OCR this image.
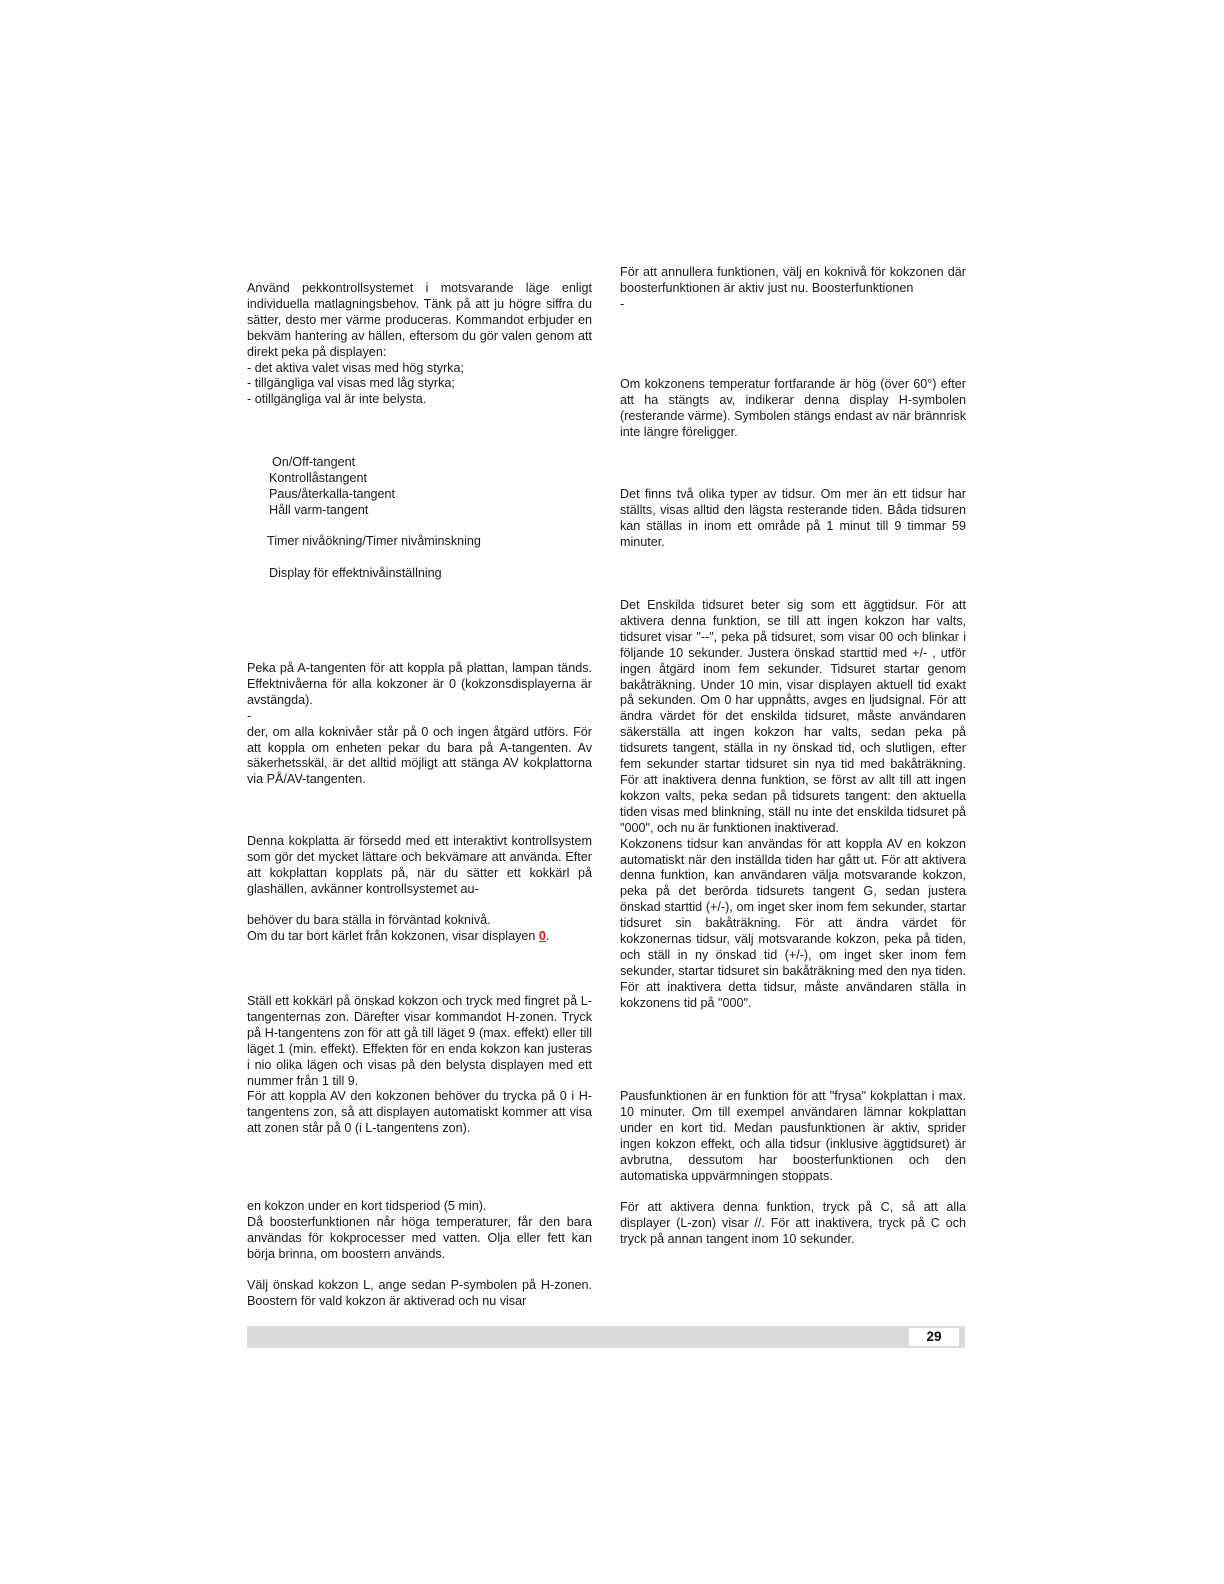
Använd pekkontrollsystemet i motsvarande läge enligt individuella matlagningsbehov. Tänk på att ju högre siffra du sätter, desto mer värme produceras. Kommandot erbjuder en bekväm hantering av hällen, eftersom du gör valen genom att direkt peka på displayen:

- det aktiva valet visas med hög styrka;
- tillgängliga val visas med låg styrka;
- otillgängliga val är inte belysta.
On/Off-tangent
Kontrollåstangent
Paus/återkalla-tangent
Håll varm-tangent
Timer nivåökning/Timer nivåminskning
Display för effektnivåinställning

Peka på A-tangenten för att koppla på plattan, lampan tänds. Effektnivåerna för alla kokzoner är 0 (kokzonsdisplayerna är avstängda).

-

der, om alla koknivåer står på 0 och ingen åtgärd utförs. För att koppla om enheten pekar du bara på A-tangenten. Av säkerhetsskäl, är det alltid möjligt att stänga AV kokplattorna via PÅ/AV-tangenten.

Denna kokplatta är försedd med ett interaktivt kontrollsystem som gör det mycket lättare och bekvämare att använda. Efter att kokplattan kopplats på, när du sätter ett kokkärl på glashällen, avkänner kontrollsystemet au-

behöver du bara ställa in förväntad koknivå.

Om du tar bort kärlet från kokzonen, visar displayen 0.

Ställ ett kokkärl på önskad kokzon och tryck med fingret på L-tangenternas zon. Därefter visar kommandot H-zonen. Tryck på H-tangentens zon för att gå till läget 9 (max. effekt) eller till läget 1 (min. effekt). Effekten för en enda kokzon kan justeras i nio olika lägen och visas på den belysta displayen med ett nummer från 1 till 9.

För att koppla AV den kokzonen behöver du trycka på 0 i H-tangentens zon, så att displayen automatiskt kommer att visa att zonen står på 0 (i L-tangentens zon).

en kokzon under en kort tidsperiod (5 min).

Då boosterfunktionen når höga temperaturer, får den bara användas för kokprocesser med vatten. Olja eller fett kan börja brinna, om boostern används.

Välj önskad kokzon L, ange sedan P-symbolen på H-zonen. Boostern för vald kokzon är aktiverad och nu visar

För att annullera funktionen, välj en koknivå för kokzonen där boosterfunktionen är aktiv just nu. Boosterfunktionen

-

Om kokzonens temperatur fortfarande är hög (över 60°) efter att ha stängts av, indikerar denna display H-symbolen (resterande värme). Symbolen stängs endast av när brännrisk inte längre föreligger.

Det finns två olika typer av tidsur. Om mer än ett tidsur har ställts, visas alltid den lägsta resterande tiden. Båda tidsuren kan ställas in inom ett område på 1 minut till 9 timmar 59 minuter.

Det Enskilda tidsuret beter sig som ett äggtidsur. För att aktivera denna funktion, se till att ingen kokzon har valts, tidsuret visar "--", peka på tidsuret, som visar 00 och blinkar i följande 10 sekunder. Justera önskad starttid med +/- , utför ingen åtgärd inom fem sekunder. Tidsuret startar genom bakåträkning. Under 10 min, visar displayen aktuell tid exakt på sekunden. Om 0 har uppnåtts, avges en ljudsignal. För att ändra värdet för det enskilda tidsuret, måste användaren säkerställa att ingen kokzon har valts, sedan peka på tidsurets tangent, ställa in ny önskad tid, och slutligen, efter fem sekunder startar tidsuret sin nya tid med bakåträkning. För att inaktivera denna funktion, se först av allt till att ingen kokzon valts, peka sedan på tidsurets tangent: den aktuella tiden visas med blinkning, ställ nu inte det enskilda tidsuret på "000", och nu är funktionen inaktiverad.

Kokzonens tidsur kan användas för att koppla AV en kokzon automatiskt när den inställda tiden har gått ut. För att aktivera denna funktion, kan användaren välja motsvarande kokzon, peka på det berörda tidsurets tangent G, sedan justera önskad starttid (+/-), om inget sker inom fem sekunder, startar tidsuret sin bakåträkning. För att ändra värdet för kokzonernas tidsur, välj motsvarande kokzon, peka på tiden, och ställ in ny önskad tid (+/-), om inget sker inom fem sekunder, startar tidsuret sin bakåträkning med den nya tiden. För att inaktivera detta tidsur, måste användaren ställa in kokzonens tid på "000".

Pausfunktionen är en funktion för att "frysa" kokplattan i max. 10 minuter. Om till exempel användaren lämnar kokplattan under en kort tid. Medan pausfunktionen är aktiv, sprider ingen kokzon effekt, och alla tidsur (inklusive äggtidsuret) är avbrutna, dessutom har boosterfunktionen och den automatiska uppvärmningen stoppats.

För att aktivera denna funktion, tryck på C, så att alla displayer (L-zon) visar //. För att inaktivera, tryck på C och tryck på annan tangent inom 10 sekunder.

29
